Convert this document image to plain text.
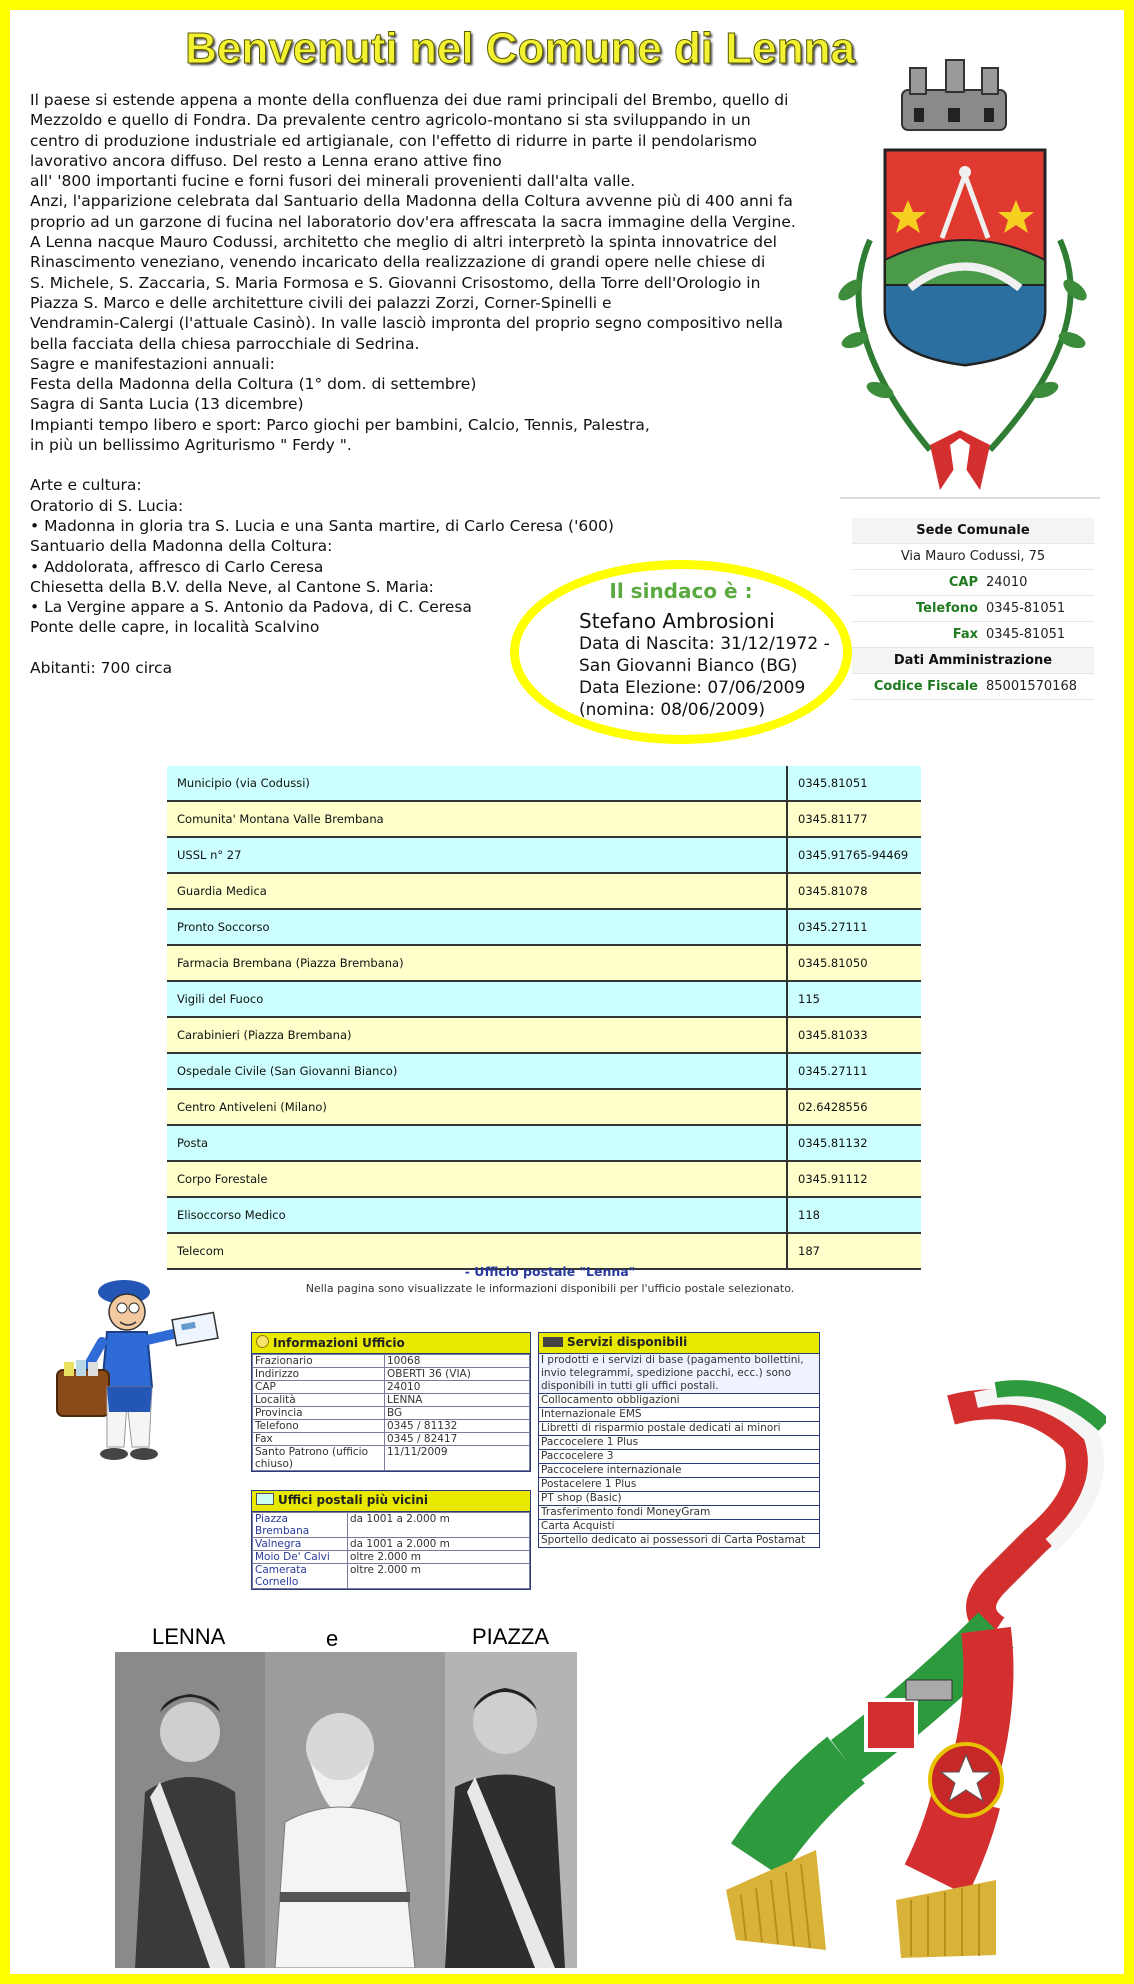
Benvenuti nel Comune di Lenna
Il paese si estende appena a monte della confluenza dei due rami principali del Brembo, quello di
Mezzoldo e quello di Fondra. Da prevalente centro agricolo-montano si sta sviluppando in un
centro di produzione industriale ed artigianale, con l'effetto di ridurre in parte il pendolarismo
lavorativo ancora diffuso. Del resto a Lenna erano attive fino
all' '800 importanti fucine e forni fusori dei minerali provenienti dall'alta valle.
Anzi, l'apparizione celebrata dal Santuario della Madonna della Coltura avvenne più di 400 anni fa
proprio ad un garzone di fucina nel laboratorio dov'era affrescata la sacra immagine della Vergine.
A Lenna nacque Mauro Codussi, architetto che meglio di altri interpretò la spinta innovatrice del
Rinascimento veneziano, venendo incaricato della realizzazione di grandi opere nelle chiese di
S. Michele, S. Zaccaria, S. Maria Formosa e S. Giovanni Crisostomo, della Torre dell'Orologio in
Piazza S. Marco e delle architetture civili dei palazzi Zorzi, Corner-Spinelli e
Vendramin-Calergi (l'attuale Casinò). In valle lasciò impronta del proprio segno compositivo nella
bella facciata della chiesa parrocchiale di Sedrina.
Sagre e manifestazioni annuali:
Festa della Madonna della Coltura (1° dom. di settembre)
Sagra di Santa Lucia (13 dicembre)
Impianti tempo libero e sport: Parco giochi per bambini, Calcio, Tennis, Palestra,
in più un bellissimo Agriturismo " Ferdy ".
Arte e cultura:
Oratorio di S. Lucia:
• Madonna in gloria tra S. Lucia e una Santa martire, di Carlo Ceresa ('600)
Santuario della Madonna della Coltura:
• Addolorata, affresco di Carlo Ceresa
Chiesetta della B.V. della Neve, al Cantone S. Maria:
• La Vergine appare a S. Antonio da Padova, di C. Ceresa
Ponte delle capre, in località Scalvino
Abitanti: 700 circa
Sede Comunale	
Via Mauro Codussi, 75	
CAP	24010
Telefono	0345-81051
Fax	0345-81051
Dati Amministrazione	
Codice Fiscale	85001570168
Il sindaco è :
Stefano Ambrosioni
Data di Nascita: 31/12/1972 -
San Giovanni Bianco (BG)
Data Elezione: 07/06/2009
(nomina: 08/06/2009)
Municipio (via Codussi)	0345.81051
Comunita' Montana Valle Brembana	0345.81177
USSL n° 27	0345.91765-94469
Guardia Medica	0345.81078
Pronto Soccorso	0345.27111
Farmacia Brembana (Piazza Brembana)	0345.81050
Vigili del Fuoco	115
Carabinieri (Piazza Brembana)	0345.81033
Ospedale Civile (San Giovanni Bianco)	0345.27111
Centro Antiveleni (Milano)	02.6428556
Posta	0345.81132
Corpo Forestale	0345.91112
Elisoccorso Medico	118
Telecom	187
- Ufficio postale "Lenna"
Nella pagina sono visualizzate le informazioni disponibili per l'ufficio postale selezionato.
Informazioni Ufficio
Frazionario	10068
Indirizzo	OBERTI 36 (VIA)
CAP	24010
Località	LENNA
Provincia	BG
Telefono	0345 / 81132
Fax	0345 / 82417
Santo Patrono (ufficio chiuso)	11/11/2009
Uffici postali più vicini
Piazza Brembana	da 1001 a 2.000 m
Valnegra	da 1001 a 2.000 m
Moio De' Calvi	oltre 2.000 m
Camerata Cornello	oltre 2.000 m
Servizi disponibili
I prodotti e i servizi di base (pagamento bollettini, invio telegrammi, spedizione pacchi, ecc.) sono disponibili in tutti gli uffici postali.
Collocamento obbligazioni
Internazionale EMS
Libretti di risparmio postale dedicati ai minori
Paccocelere 1 Plus
Paccocelere 3
Paccocelere internazionale
Postacelere 1 Plus
PT shop (Basic)
Trasferimento fondi MoneyGram
Carta Acquisti
Sportello dedicato ai possessori di Carta Postamat
LENNA	e	PIAZZA
